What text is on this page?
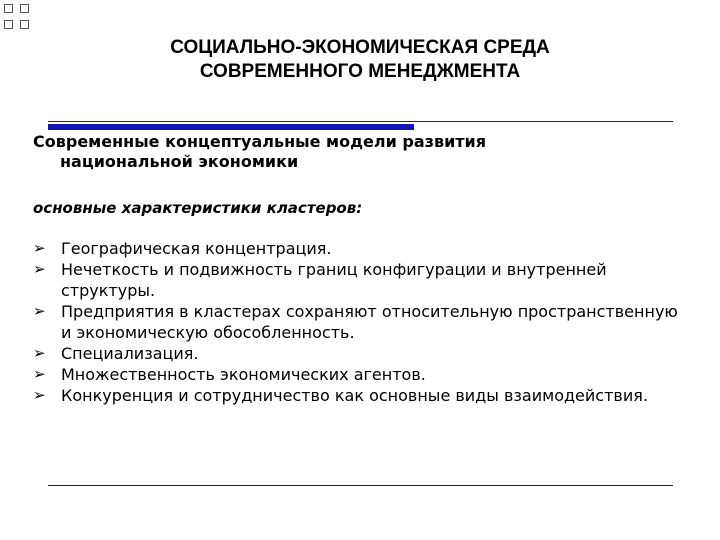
СОЦИАЛЬНО-ЭКОНОМИЧЕСКАЯ СРЕДА
СОВРЕМЕННОГО МЕНЕДЖМЕНТА
Современные концептуальные модели развития
национальной экономики
основные характеристики кластеров:
➢ Географическая концентрация.
➢ Нечеткость и подвижность границ конфигурации и внутренней структуры.
➢ Предприятия в кластерах сохраняют относительную пространственную и экономическую обособленность.
➢ Специализация.
➢ Множественность экономических агентов.
➢ Конкуренция и сотрудничество как основные виды взаимодействия.
